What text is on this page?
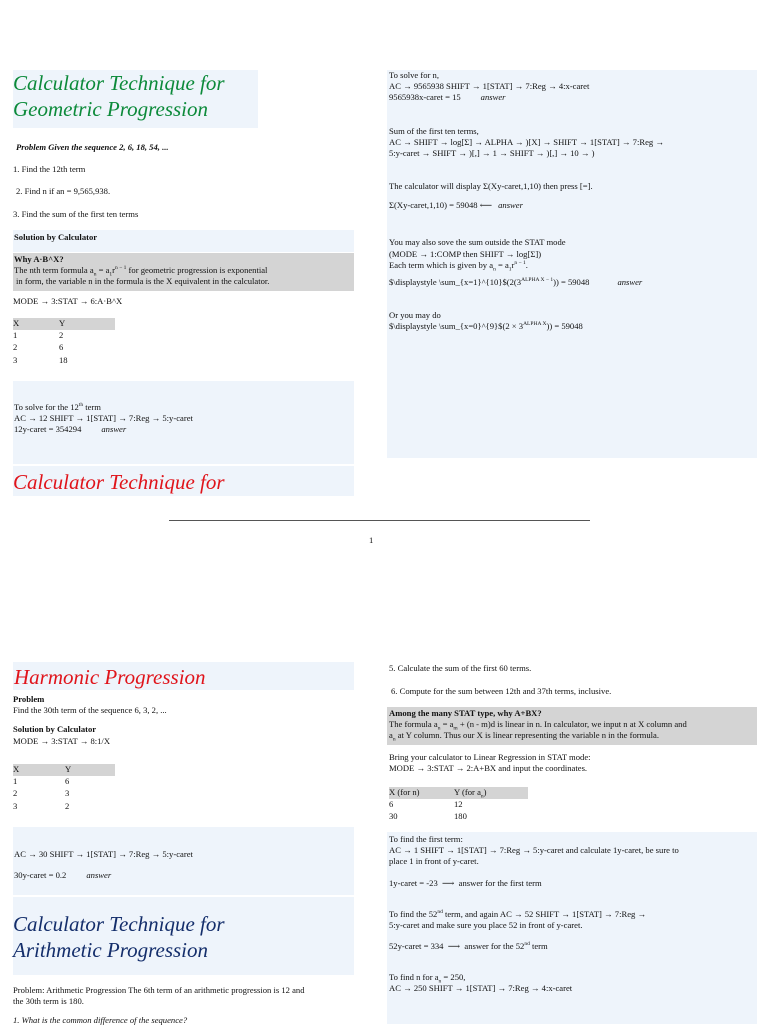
Calculator Technique for
Geometric Progression
Problem Given the sequence 2, 6, 18, 54, ...
1. Find the 12th term
2. Find n if an = 9,565,938.
3. Find the sum of the first ten terms
Solution by Calculator
Why A·B^X?
The nth term formula $a_n = a_1r^{n - 1}$ for geometric progression is exponential
in form, the variable n in the formula is the X equivalent in the calculator.
MODE → 3:STAT → 6:A·B^X
X	Y
1	2
2	6
3	18
To solve for the 12th term
AC → 12 SHIFT → 1[STAT] → 7:Reg → 5:y-caret
12y-caret = 354294 answer
Calculator Technique for
To solve for n,
AC → 9565938 SHIFT → 1[STAT] → 7:Reg → 4:x-caret
9565938x-caret = 15 answer
Sum of the first ten terms,
AC → SHIFT → log[Σ] → ALPHA → )[X] → SHIFT → 1[STAT] → 7:Reg →
5:y-caret → SHIFT → )[,] → 1 → SHIFT → )[,] → 10 → )
The calculator will display Σ(Xy-caret,1,10) then press [=].
Σ(Xy-caret,1,10) = 59048 ⟵ answer
You may also sove the sum outside the STAT mode
(MODE → 1:COMP then SHIFT → log[Σ])
Each term which is given by $a_n = a_1r^{n - 1}$.
$\displaystyle $\backslash sum\_\{x=1\}\^{}\{10\}\$(2(3^{ALPHA X - 1})) = 59048$	answer
Or you may do
$\displaystyle \sum_{x=0}^{9}$(2 × $3^{ALPHA X})) = 59048$
1
Harmonic Progression
Problem
Find the 30th term of the sequence 6, 3, 2, ...
Solution by Calculator
MODE → 3:STAT → 8:1/X
X	Y
1	6
2	3
3	2
AC → 30 SHIFT → 1[STAT] → 7:Reg → 5:y-caret
30y-caret = 0.2 answer
Calculator Technique for
Arithmetic Progression
Problem: Arithmetic Progression The 6th term of an arithmetic progression is 12 and
the 30th term is 180.
1. What is the common difference of the sequence?
5. Calculate the sum of the first 60 terms.
6. Compute for the sum between 12th and 37th terms, inclusive.
Among the many STAT type, why A+BX?
The formula $a_n = a_m + (n - m)d$ is linear in n. In calculator, we input n at X column and
$a_n$ at Y column. Thus our X is linear representing the variable n in the formula.
Bring your calculator to Linear Regression in STAT mode:
MODE → 3:STAT → 2:A+BX and input the coordinates.
X (for n)	Y (for $a_n$)
6	12
30	180
To find the first term:
AC → 1 SHIFT → 1[STAT] → 7:Reg → 5:y-caret and calculate 1y-caret, be sure to
place 1 in front of y-caret.
1y-caret = -23 ⟶ answer for the first term
To find the 52nd term, and again AC → 52 SHIFT → 1[STAT] → 7:Reg →
5:y-caret and make sure you place 52 in front of y-caret.
52y-caret = 334 ⟶ answer for the 52nd term
To find n for $a_n = 250$,
AC → 250 SHIFT → 1[STAT] → 7:Reg → 4:x-caret
